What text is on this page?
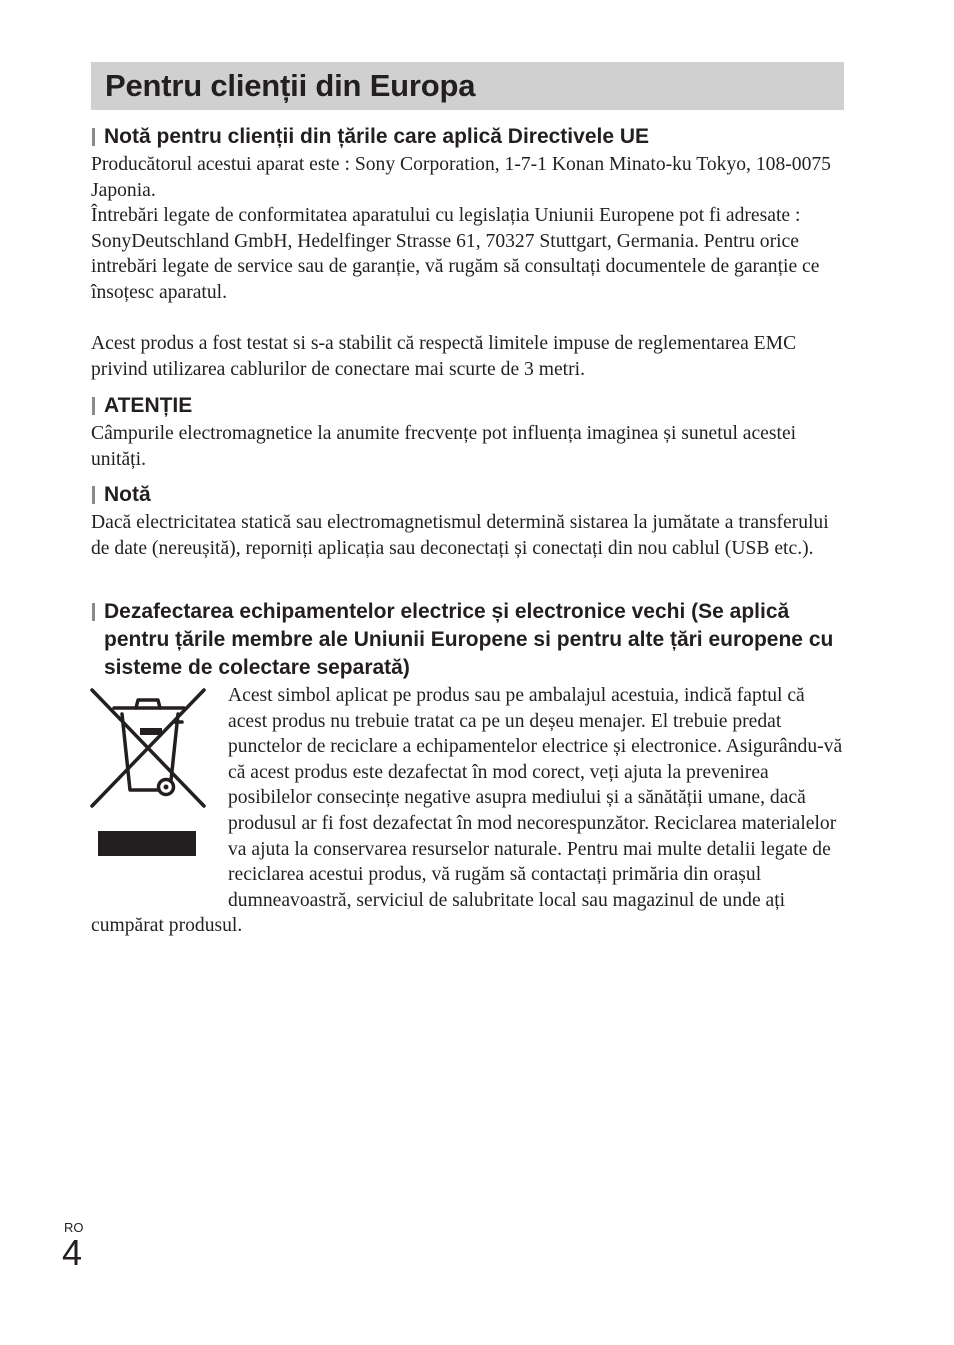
Pentru clienții din Europa
Notă pentru clienții din țările care aplică Directivele UE

Producătorul acestui aparat este : Sony Corporation, 1-7-1 Konan Minato-ku Tokyo, 108-0075 Japonia.

Întrebări legate de conformitatea aparatului cu legislația Uniunii Europene pot fi adresate : SonyDeutschland GmbH, Hedelfinger Strasse 61, 70327 Stuttgart, Germania. Pentru orice intrebări legate de service sau de garanție, vă rugăm să consultați documentele de garanție ce însoțesc aparatul.

Acest produs a fost testat si s-a stabilit că respectă limitele impuse de reglementarea EMC privind utilizarea cablurilor de conectare mai scurte de 3 metri.

ATENȚIE

Câmpurile electromagnetice la anumite frecvențe pot influența imaginea și sunetul acestei unități.

Notă

Dacă electricitatea statică sau electromagnetismul determină sistarea la jumătate a transferului de date (nereușită), reporniți aplicația sau deconectați și conectați din nou cablul (USB etc.).

Dezafectarea echipamentelor electrice și electronice vechi (Se aplică pentru țările membre ale Uniunii Europene si pentru alte țări europene cu sisteme de colectare separată)

Acest simbol aplicat pe produs sau pe ambalajul acestuia, indică faptul că acest produs nu trebuie tratat ca pe un deșeu menajer. El trebuie predat punctelor de reciclare a echipamentelor electrice și electronice. Asigurându-vă că acest produs este dezafectat în mod corect, veți ajuta la prevenirea posibilelor consecințe negative asupra mediului și a sănătății umane, dacă produsul ar fi fost dezafectat în mod necorespunzător. Reciclarea materialelor va ajuta la conservarea resurselor naturale. Pentru mai multe detalii legate de reciclarea acestui produs, vă rugăm să contactați primăria din orașul dumneavoastră, serviciul de salubritate local sau magazinul de unde ați cumpărat produsul.

RO
4
